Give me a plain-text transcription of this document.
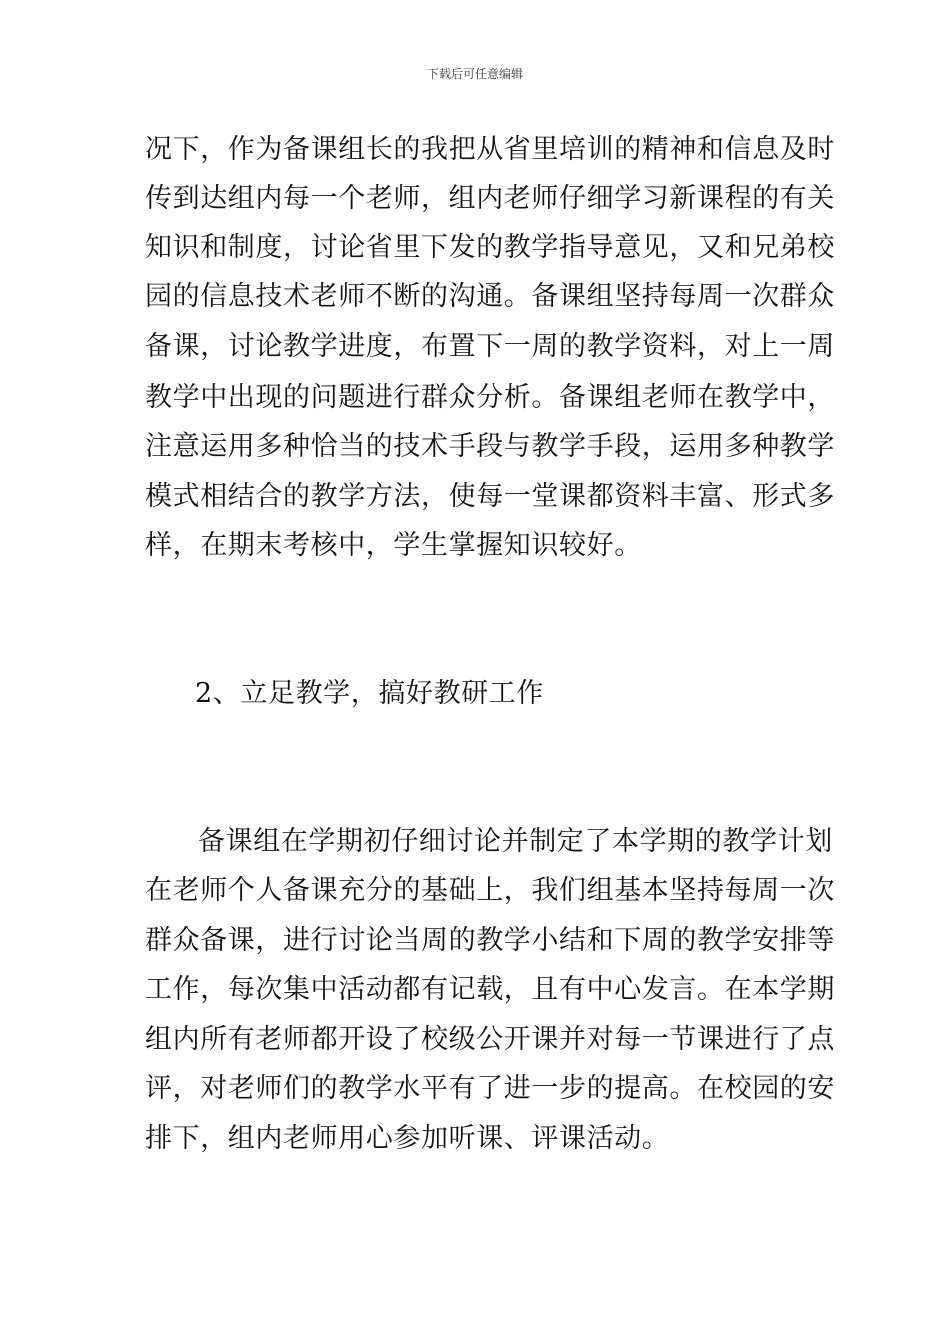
下载后可任意编辑
况下，作为备课组长的我把从省里培训的精神和信息及时
传到达组内每一个老师，组内老师仔细学习新课程的有关
知识和制度，讨论省里下发的教学指导意见，又和兄弟校
园的信息技术老师不断的沟通。备课组坚持每周一次群众
备课，讨论教学进度，布置下一周的教学资料，对上一周
教学中出现的问题进行群众分析。备课组老师在教学中，
注意运用多种恰当的技术手段与教学手段，运用多种教学
模式相结合的教学方法，使每一堂课都资料丰富、形式多
样，在期末考核中，学生掌握知识较好。
2、立足教学，搞好教研工作
备课组在学期初仔细讨论并制定了本学期的教学计划
在老师个人备课充分的基础上，我们组基本坚持每周一次
群众备课，进行讨论当周的教学小结和下周的教学安排等
工作，每次集中活动都有记载，且有中心发言。在本学期
组内所有老师都开设了校级公开课并对每一节课进行了点
评，对老师们的教学水平有了进一步的提高。在校园的安
排下，组内老师用心参加听课、评课活动。
